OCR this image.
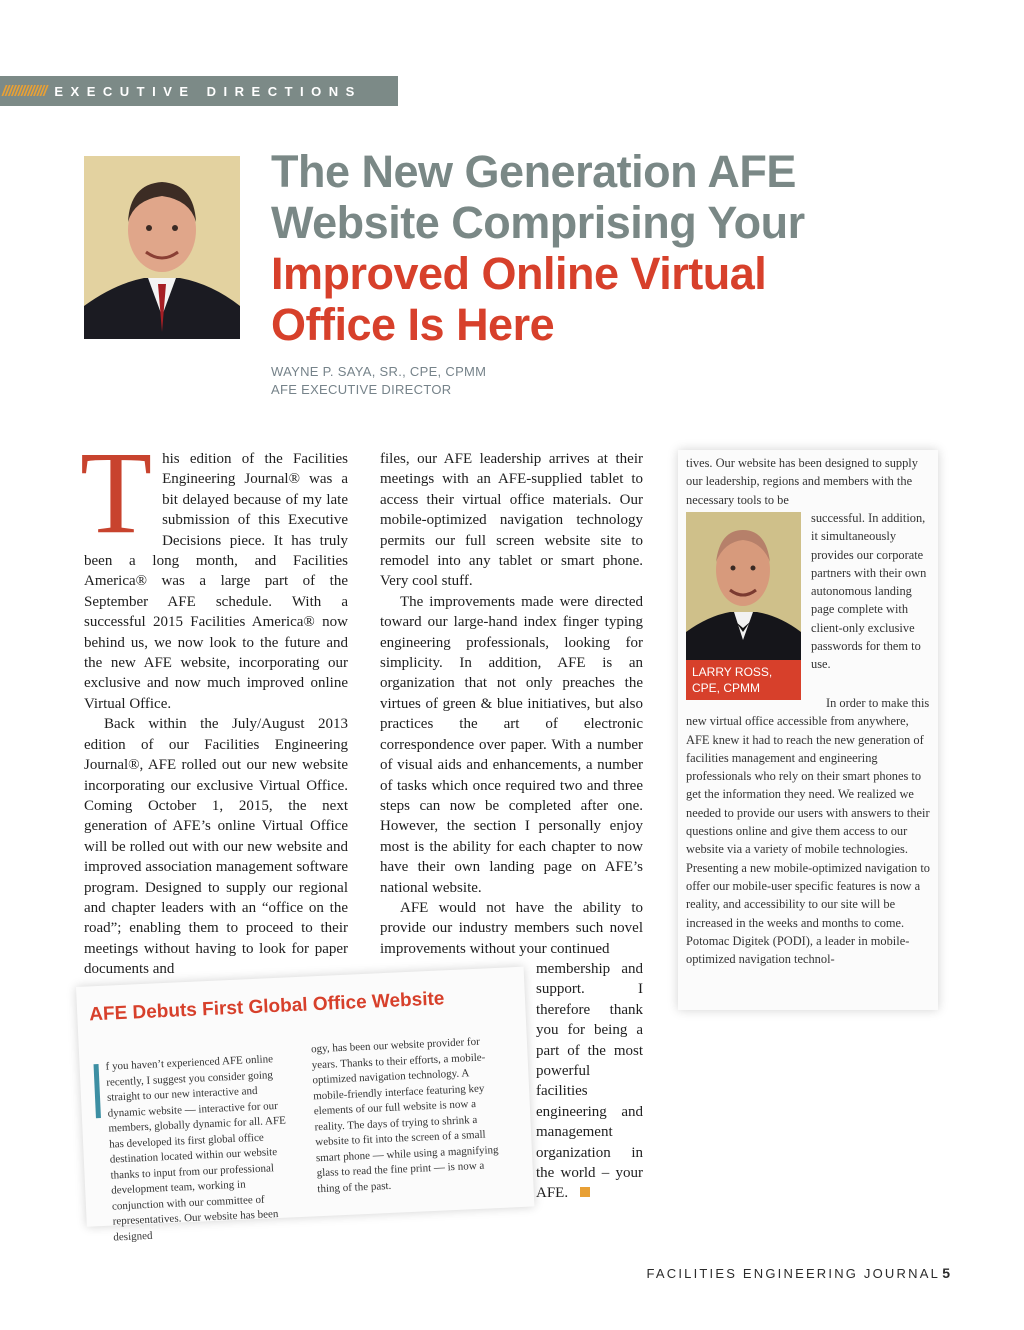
////////////// EXECUTIVE DIRECTIONS
The New Generation AFE
Website Comprising Your
Improved Online Virtual
Office Is Here
WAYNE P. SAYA, SR., CPE, CPMM
AFE EXECUTIVE DIRECTOR

This edition of the Facilities Engineering Journal® was a bit delayed because of my late submission of this Executive Decisions piece. It has truly been a long month, and Facilities America® was a large part of the September AFE schedule. With a successful 2015 Facilities America® now behind us, we now look to the future and the new AFE website, incorporating our exclusive and now much improved online Virtual Office.

Back within the July/August 2013 edition of our Facilities Engineering Journal®, AFE rolled out our new website incorporating our exclusive Virtual Office. Coming October 1, 2015, the next generation of AFE’s online Virtual Office will be rolled out with our new website and improved association management software program. Designed to supply our regional and chapter leaders with an “office on the road”; enabling them to proceed to their meetings without having to look for paper documents and

files, our AFE leadership arrives at their meetings with an AFE-supplied tablet to access their virtual office materials. Our mobile-optimized navigation technology permits our full screen website site to remodel into any tablet or smart phone. Very cool stuff.

The improvements made were directed toward our large-hand index finger typing engineering professionals, looking for simplicity. In addition, AFE is an organization that not only preaches the virtues of green & blue initiatives, but also practices the art of electronic correspondence over paper. With a number of visual aids and enhancements, a number of tasks which once required two and three steps can now be completed after one. However, the section I personally enjoy most is the ability for each chapter to now have their own landing page on AFE’s national website.

AFE would not have the ability to provide our industry members such novel improvements without your continued

membership and support. I therefore thank you for being a part of the most powerful facilities engineering and management organization in the world – your AFE.

AFE Debuts First Global Office Website
f you haven’t experienced AFE online recently, I suggest you consider going straight to our new interactive and dynamic website — interactive for our members, globally dynamic for all. AFE has developed its first global office destination located within our website thanks to input from our professional development team, working in conjunction with our committee of representatives. Our website has been designed
ogy, has been our website provider for years. Thanks to their efforts, a mobile-optimized navigation technology. A mobile-friendly interface featuring key elements of our full website is now a reality. The days of trying to shrink a website to fit into the screen of a small smart phone — while using a magnifying glass to read the fine print — is now a thing of the past.
tives. Our website has been designed to supply our leadership, regions and members with the necessary tools to be
LARRY ROSS,
CPE, CPMM
successful. In addition, it simultaneously provides our corporate partners with their own autonomous landing page complete with client-only exclusive passwords for them to use.
In order to make this new virtual office accessible from anywhere, AFE knew it had to reach the new generation of facilities management and engineering professionals who rely on their smart phones to get the information they need. We realized we needed to provide our users with answers to their questions online and give them access to our website via a variety of mobile technologies. Presenting a new mobile-optimized navigation to offer our mobile-user specific features is now a reality, and accessibility to our site will be increased in the weeks and months to come. Potomac Digitek (PODI), a leader in mobile-optimized navigation technol-
FACILITIES ENGINEERING JOURNAL 5
